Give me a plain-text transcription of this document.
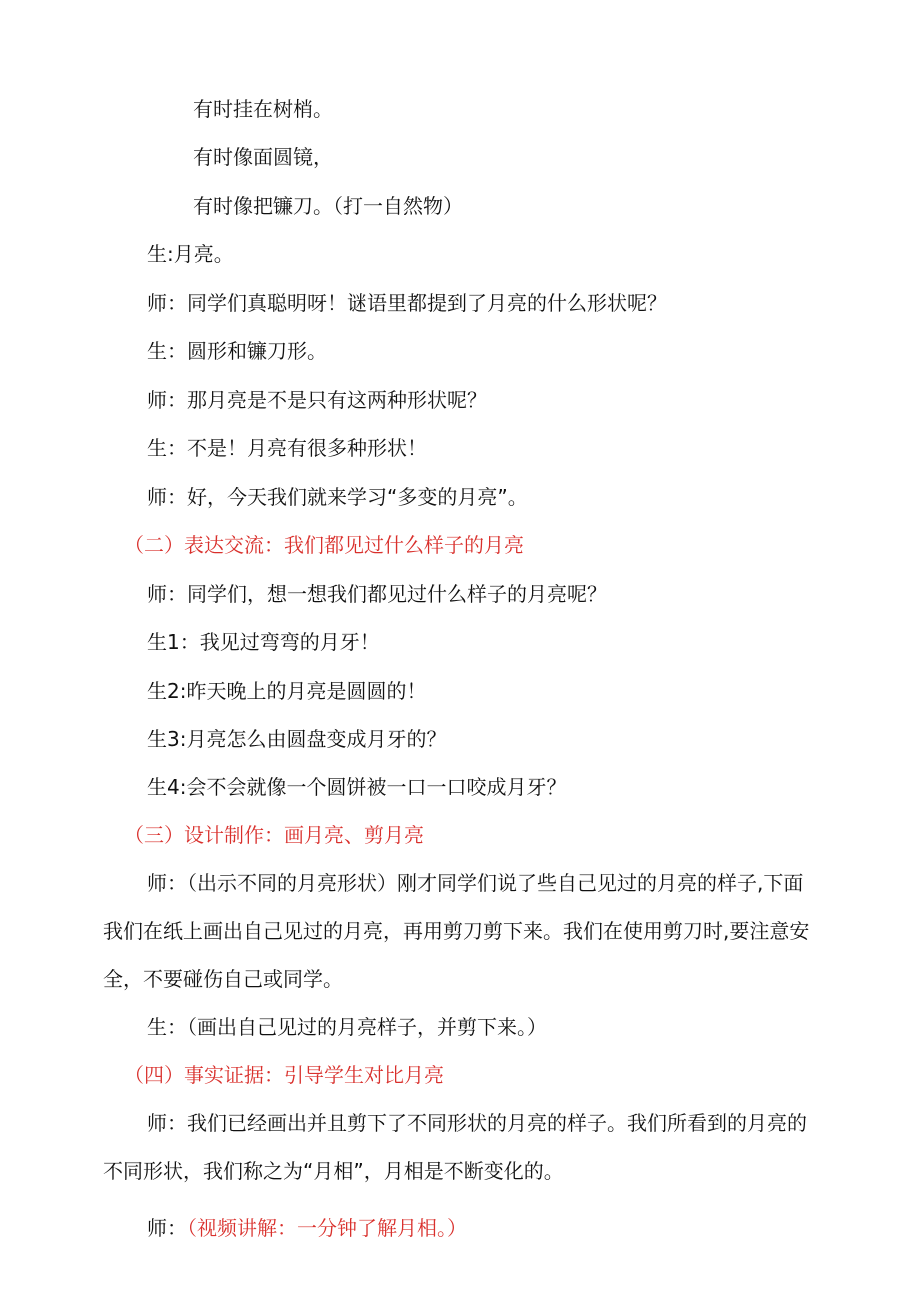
有时挂在树梢。

有时像面圆镜，

有时像把镰刀。（打一自然物）

生:月亮。

师：同学们真聪明呀！谜语里都提到了月亮的什么形状呢？

生：圆形和镰刀形。

师：那月亮是不是只有这两种形状呢？

生：不是！月亮有很多种形状！

师：好，今天我们就来学习“多变的月亮”。

（二）表达交流：我们都见过什么样子的月亮

师：同学们，想一想我们都见过什么样子的月亮呢？

生1：我见过弯弯的月牙！

生2:昨天晚上的月亮是圆圆的！

生3:月亮怎么由圆盘变成月牙的？

生4:会不会就像一个圆饼被一口一口咬成月牙？

（三）设计制作：画月亮、剪月亮

师：（出示不同的月亮形状）刚才同学们说了些自己见过的月亮的样子,下面

我们在纸上画出自己见过的月亮，再用剪刀剪下来。我们在使用剪刀时,要注意安

全，不要碰伤自己或同学。

生：（画出自己见过的月亮样子，并剪下来。）

（四）事实证据：引导学生对比月亮

师：我们已经画出并且剪下了不同形状的月亮的样子。我们所看到的月亮的

不同形状，我们称之为“月相”，月相是不断变化的。

师：（视频讲解：一分钟了解月相。）
